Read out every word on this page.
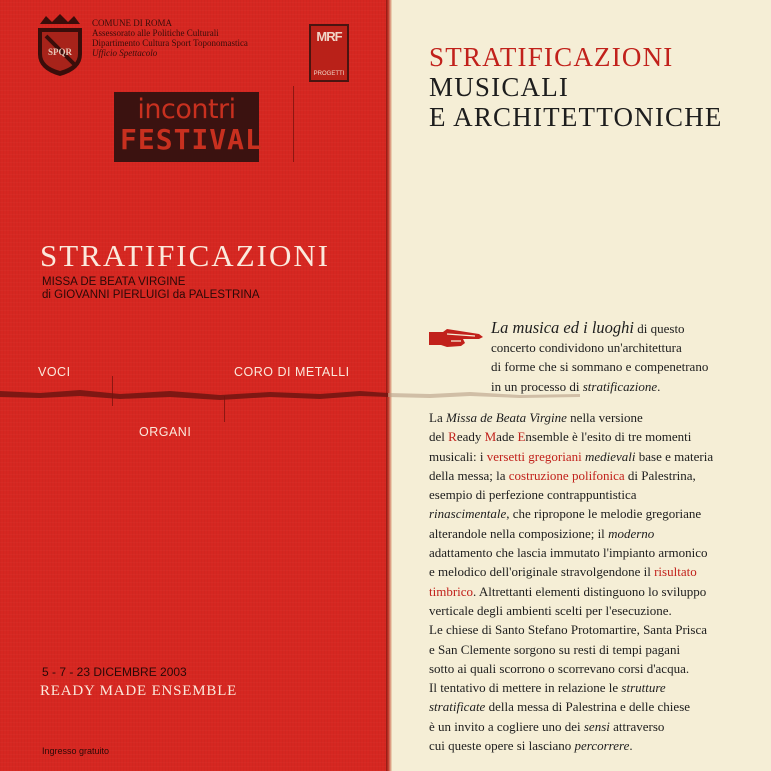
SPQR
COMUNE DI ROMA
Assessorato alle Politiche Culturali
Dipartimento Cultura Sport Toponomastica
Ufficio Spettacolo
MRF
PROGETTI
incontri
FESTIVAL
STRATIFICAZIONI
MISSA DE BEATA VIRGINE
di GIOVANNI PIERLUIGI da PALESTRINA
VOCI	CORO DI METALLI
ORGANI
5 - 7 - 23 DICEMBRE 2003
READY MADE ENSEMBLE
Ingresso gratuito
STRATIFICAZIONI
MUSICALI
E ARCHITETTONICHE
La musica ed i luoghi di questo
concerto condividono un'architettura
di forme che si sommano e compenetrano
in un processo di stratificazione.
La Missa de Beata Virgine nella versione
del Ready Made Ensemble è l'esito di tre momenti
musicali: i versetti gregoriani medievali base e materia
della messa; la costruzione polifonica di Palestrina,
esempio di perfezione contrappuntistica
rinascimentale, che ripropone le melodie gregoriane
alterandole nella composizione; il moderno
adattamento che lascia immutato l'impianto armonico
e melodico dell'originale stravolgendone il risultato
timbrico. Altrettanti elementi distinguono lo sviluppo
verticale degli ambienti scelti per l'esecuzione.
Le chiese di Santo Stefano Protomartire, Santa Prisca
e San Clemente sorgono su resti di tempi pagani
sotto ai quali scorrono o scorrevano corsi d'acqua.
Il tentativo di mettere in relazione le strutture
stratificate della messa di Palestrina e delle chiese
è un invito a cogliere uno dei sensi attraverso
cui queste opere si lasciano percorrere.
